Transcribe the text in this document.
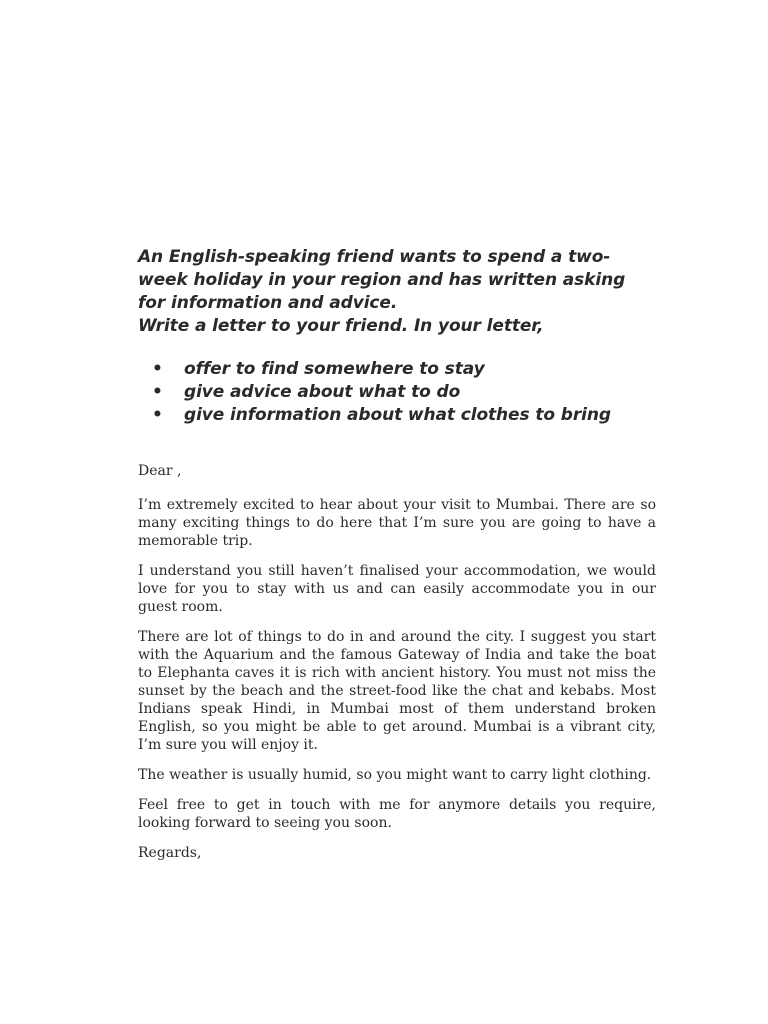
An English-speaking friend wants to spend a two-week holiday in your region and has written asking for information and advice.

Write a letter to your friend. In your letter,

• offer to find somewhere to stay
• give advice about what to do
• give information about what clothes to bring

Dear ,

I’m extremely excited to hear about your visit to Mumbai. There are so many exciting things to do here that I’m sure you are going to have a memorable trip.

I understand you still haven’t finalised your accommodation, we would love for you to stay with us and can easily accommodate you in our guest room.

There are lot of things to do in and around the city. I suggest you start with the Aquarium and the famous Gateway of India and take the boat to Elephanta caves it is rich with ancient history. You must not miss the sunset by the beach and the street-food like the chat and kebabs. Most Indians speak Hindi, in Mumbai most of them understand broken English, so you might be able to get around. Mumbai is a vibrant city, I’m sure you will enjoy it.

The weather is usually humid, so you might want to carry light clothing.

Feel free to get in touch with me for anymore details you require, looking forward to seeing you soon.

Regards,
